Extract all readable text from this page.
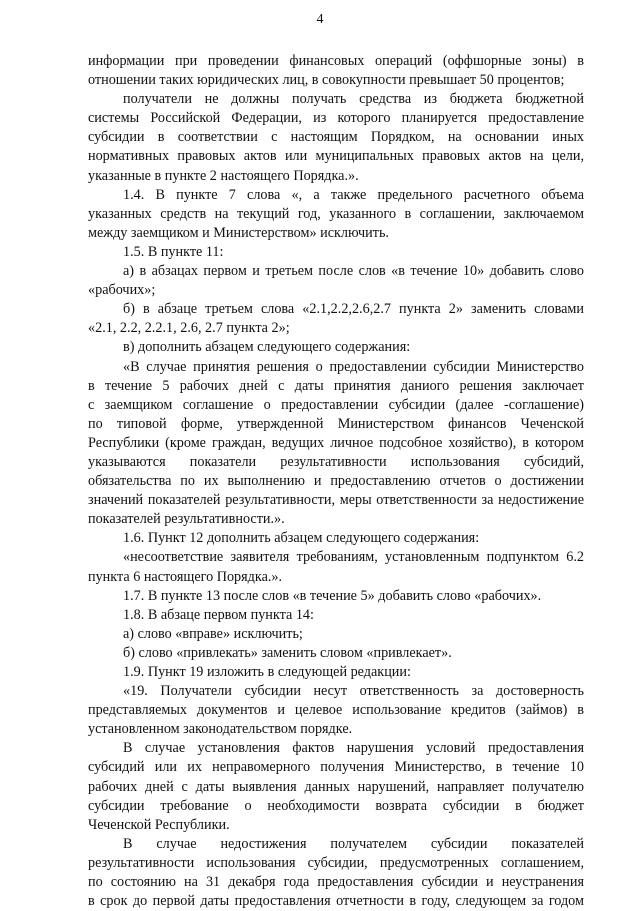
4
информации при проведении финансовых операций (оффшорные зоны) в
отношении таких юридических лиц, в совокупности превышает 50 процентов;
получатели не должны получать средства из бюджета бюджетной
системы Российской Федерации, из которого планируется предоставление
субсидии в соответствии с настоящим Порядком, на основании иных
нормативных правовых актов или муниципальных правовых актов на цели,
указанные в пункте 2 настоящего Порядка.».
1.4. В пункте 7 слова «, а также предельного расчетного объема
указанных средств на текущий год, указанного в соглашении, заключаемом
между заемщиком и Министерством» исключить.
1.5. В пункте 11:
а) в абзацах первом и третьем после слов «в течение 10» добавить слово
«рабочих»;
б) в абзаце третьем слова «2.1,2.2,2.6,2.7 пункта 2» заменить словами
«2.1, 2.2, 2.2.1, 2.6, 2.7 пункта 2»;
в) дополнить абзацем следующего содержания:
«В случае принятия решения о предоставлении субсидии Министерство
в течение 5 рабочих дней с даты принятия даниого решения заключает
с заемщиком соглашение о предоставлении субсидии (далее -соглашение)
по типовой форме, утвержденной Министерством финансов Чеченской
Республики (кроме граждан, ведущих личное подсобное хозяйство), в котором
указываются показатели результативности использования субсидий,
обязательства по их выполнению и предоставлению отчетов о достижении
значений показателей результативности, меры ответственности за недостижение
показателей результативности.».
1.6. Пункт 12 дополнить абзацем следующего содержания:
«несоответствие заявителя требованиям, установленным подпунктом 6.2
пункта 6 настоящего Порядка.».
1.7. В пункте 13 после слов «в течение 5» добавить слово «рабочих».
1.8. В абзаце первом пункта 14:
а) слово «вправе» исключить;
б) слово «привлекать» заменить словом «привлекает».
1.9. Пункт 19 изложить в следующей редакции:
«19. Получатели субсидии несут ответственность за достоверность
представляемых документов и целевое использование кредитов (займов) в
установленном законодательством порядке.
В случае установления фактов нарушения условий предоставления
субсидий или их неправомерного получения Министерство, в течение 10
рабочих дней с даты выявления данных нарушений, направляет получателю
субсидии требование о необходимости возврата субсидии в бюджет
Чеченской Республики.
В случае недостижения получателем субсидии показателей
результативности использования субсидии, предусмотренных соглашением,
по состоянию на 31 декабря года предоставления субсидии и неустранения
в срок до первой даты предоставления отчетности в году, следующем за годом
